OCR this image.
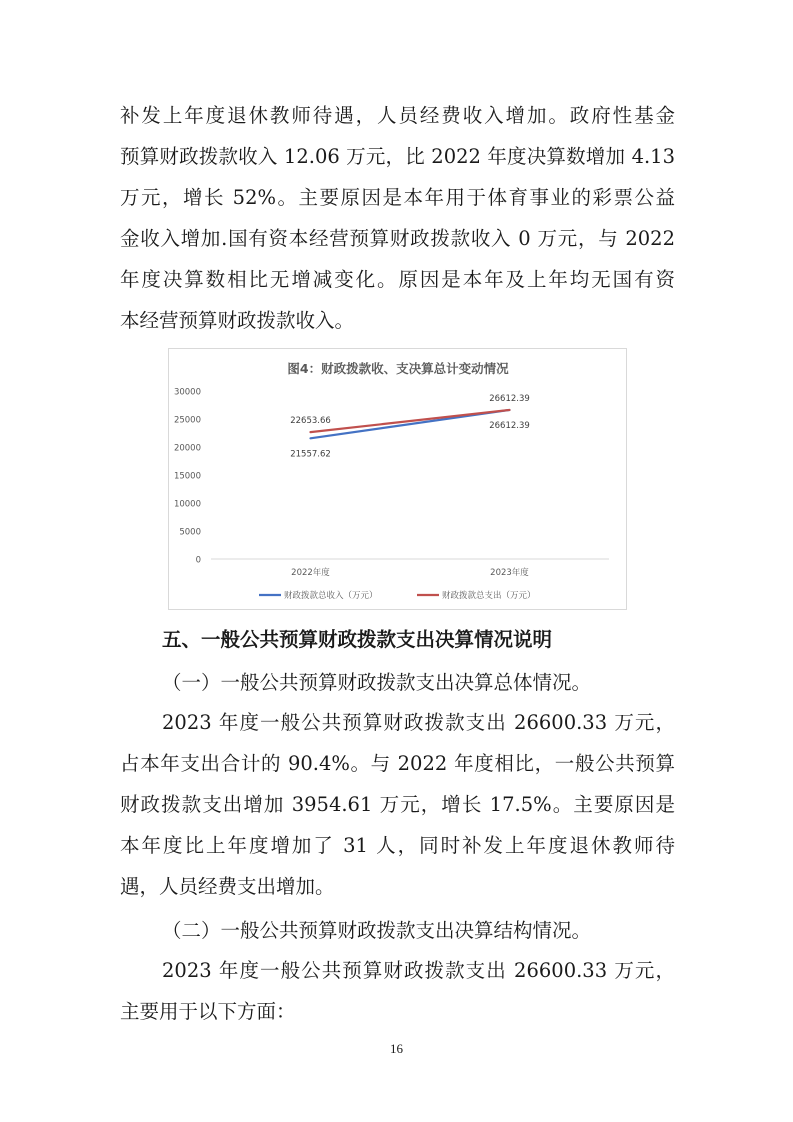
补发上年度退休教师待遇，人员经费收入增加。政府性基金
预算财政拨款收入 12.06 万元，比 2022 年度决算数增加 4.13
万元，增长 52%。主要原因是本年用于体育事业的彩票公益
金收入增加.国有资本经营预算财政拨款收入 0 万元，与 2022
年度决算数相比无增减变化。原因是本年及上年均无国有资
本经营预算财政拨款收入。
图4：财政拨款收、支决算总计变动情况
30000
25000
20000
15000
10000
5000
0
2022年度	2023年度
21557.62
26612.39
22653.66
26612.39
财政拨款总收入（万元）	财政拨款总支出（万元）
五、一般公共预算财政拨款支出决算情况说明
（一）一般公共预算财政拨款支出决算总体情况。
2023 年度一般公共预算财政拨款支出 26600.33 万元，
占本年支出合计的 90.4%。与 2022 年度相比，一般公共预算
财政拨款支出增加 3954.61 万元，增长 17.5%。主要原因是
本年度比上年度增加了 31 人，同时补发上年度退休教师待
遇，人员经费支出增加。
（二）一般公共预算财政拨款支出决算结构情况。
2023 年度一般公共预算财政拨款支出 26600.33 万元，
主要用于以下方面：
16
